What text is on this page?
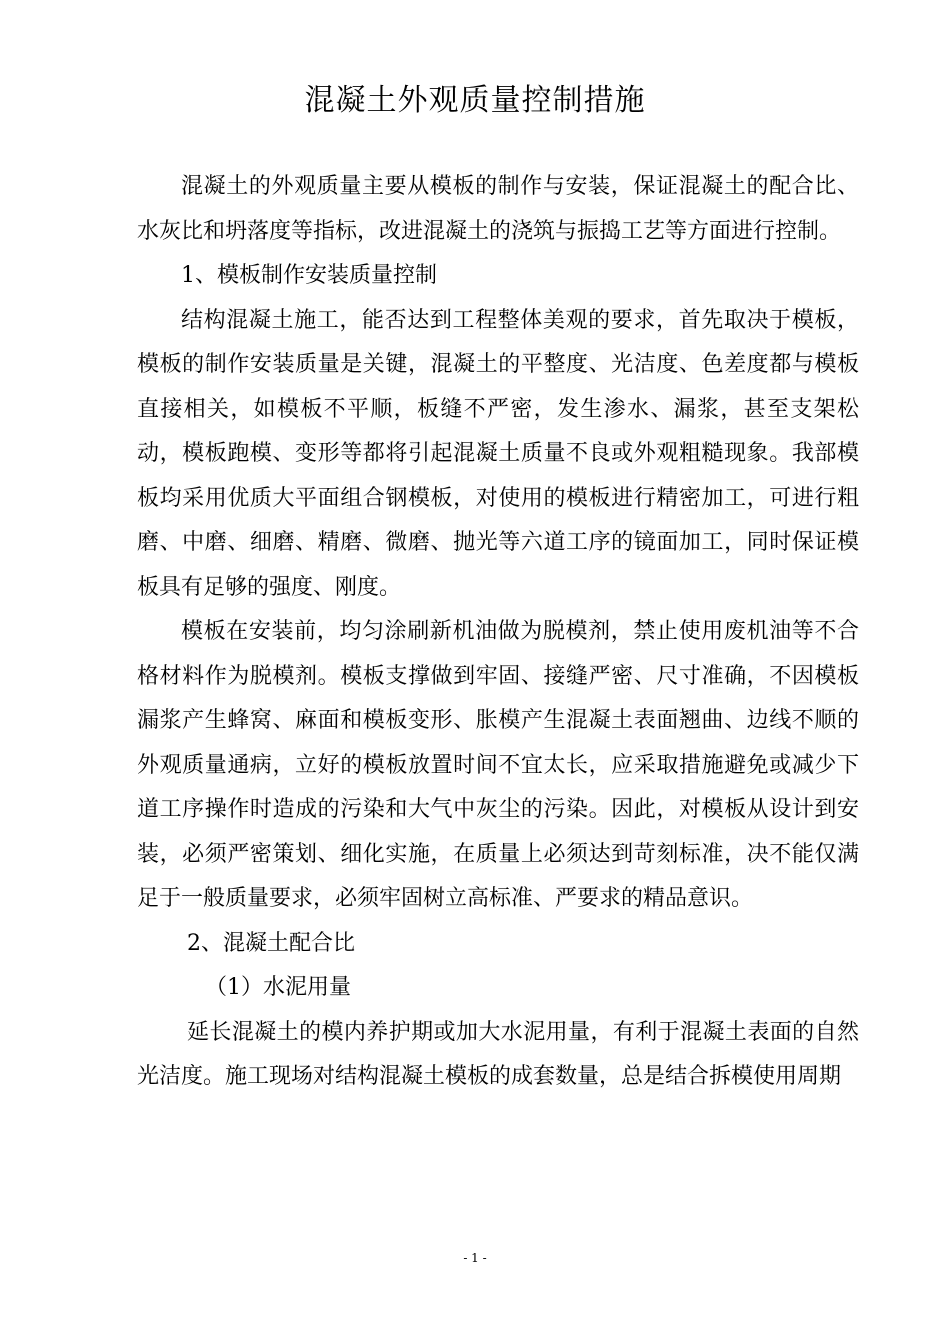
混凝土外观质量控制措施

混凝土的外观质量主要从模板的制作与安装，保证混凝土的配合比、水灰比和坍落度等指标，改进混凝土的浇筑与振捣工艺等方面进行控制。

1、模板制作安装质量控制

结构混凝土施工，能否达到工程整体美观的要求，首先取决于模板，模板的制作安装质量是关键，混凝土的平整度、光洁度、色差度都与模板直接相关，如模板不平顺，板缝不严密，发生渗水、漏浆，甚至支架松动，模板跑模、变形等都将引起混凝土质量不良或外观粗糙现象。我部模板均采用优质大平面组合钢模板，对使用的模板进行精密加工，可进行粗磨、中磨、细磨、精磨、微磨、抛光等六道工序的镜面加工，同时保证模板具有足够的强度、刚度。

模板在安装前，均匀涂刷新机油做为脱模剂，禁止使用废机油等不合格材料作为脱模剂。模板支撑做到牢固、接缝严密、尺寸准确，不因模板漏浆产生蜂窝、麻面和模板变形、胀模产生混凝土表面翘曲、边线不顺的外观质量通病，立好的模板放置时间不宜太长，应采取措施避免或减少下道工序操作时造成的污染和大气中灰尘的污染。因此，对模板从设计到安装，必须严密策划、细化实施，在质量上必须达到苛刻标准，决不能仅满足于一般质量要求，必须牢固树立高标准、严要求的精品意识。

2、混凝土配合比

（1）水泥用量

延长混凝土的模内养护期或加大水泥用量，有利于混凝土表面的自然光洁度。施工现场对结构混凝土模板的成套数量，总是结合拆模使用周期

- 1 -
